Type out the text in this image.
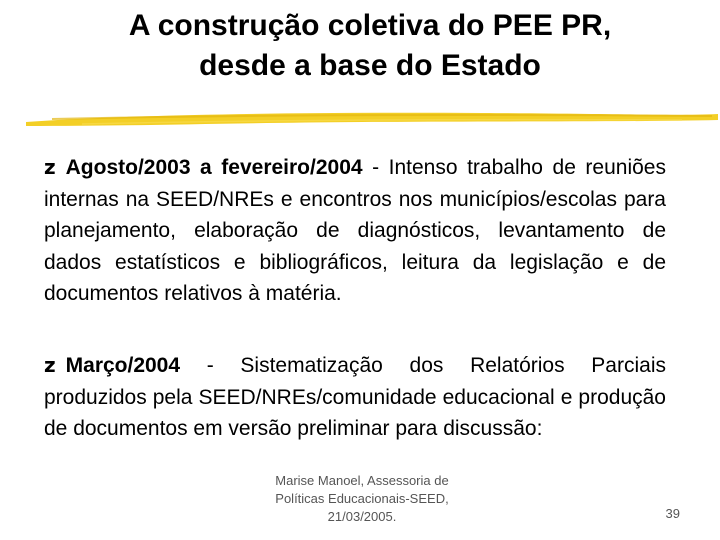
A construção coletiva do PEE PR,
desde a base do Estado
z Agosto/2003 a fevereiro/2004 - Intenso trabalho de reuniões internas na SEED/NREs e encontros nos municípios/escolas para planejamento, elaboração de diagnósticos, levantamento de dados estatísticos e bibliográficos, leitura da legislação e de documentos relativos à matéria.
z Março/2004 - Sistematização dos Relatórios Parciais produzidos pela SEED/NREs/comunidade educacional e produção de documentos em versão preliminar para discussão:
Marise Manoel, Assessoria de
Políticas Educacionais-SEED,
21/03/2005.	39
